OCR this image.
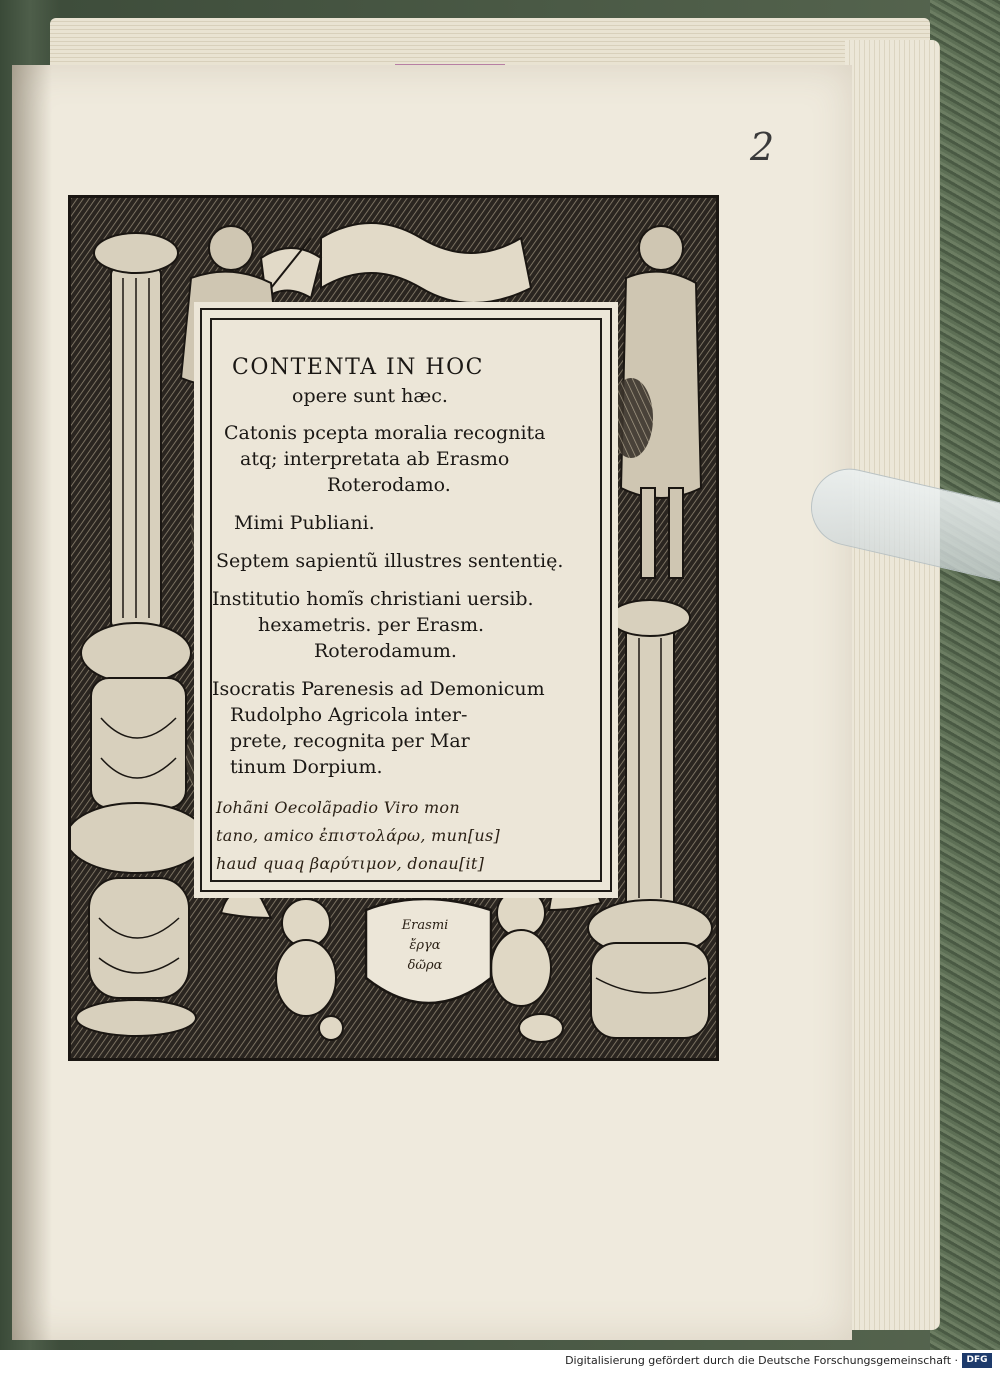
2
CONTENTA IN HOC
opere sunt hæc.
Catonis pcepta moralia recognita
atq; interpretata ab Erasmo
Roterodamo.
Mimi Publiani.
Septem sapientũ illustres sententię.
Institutio homĩs christiani uersib.
hexametris. per Erasm.
Roterodamum.
Isocratis Parenesis ad Demonicum
Rudolpho Agricola inter-
prete, recognita per Mar
tinum Dorpium.
Iohãni Oecolãpadio Viro mon
tano, amico ἐπιστολάρω, mun[us]
haud quaq βαρύτιμον, donau[it]
Erasmi
ἔργα
δῶρα
Digitalisierung gefördert durch die Deutsche Forschungsgemeinschaft · DFG
